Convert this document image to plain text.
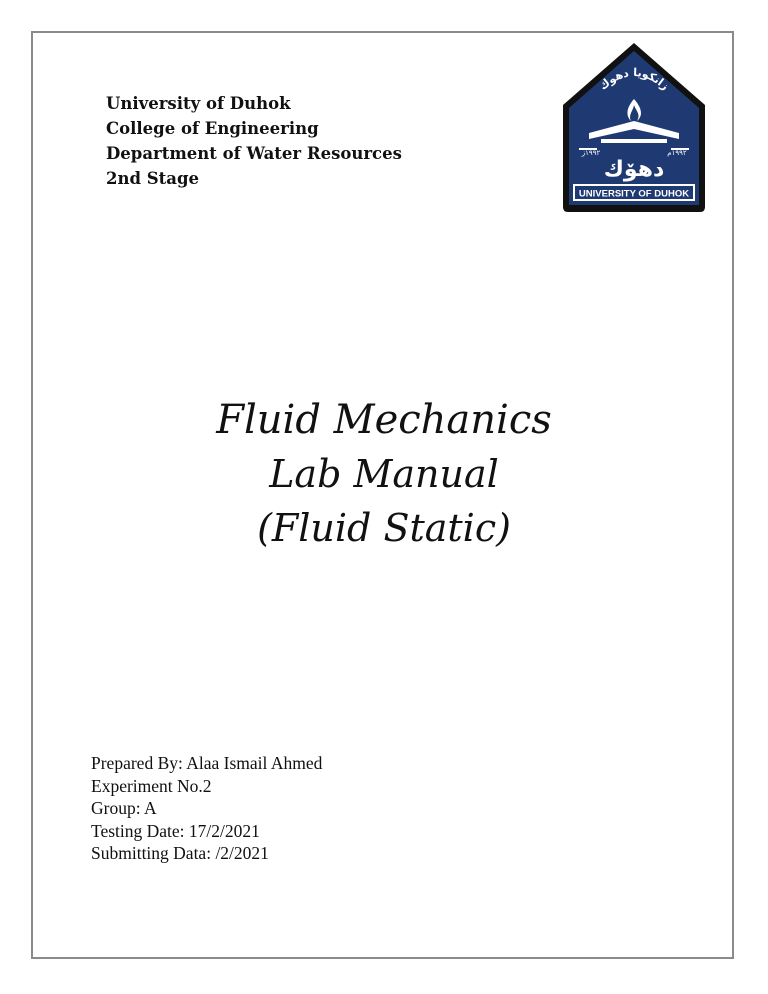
University of Duhok
College of Engineering
Department of Water Resources
2nd Stage
زانكويا دهوك
١٩٩٢ز	١٩٩٢م
دهۆك
UNIVERSITY OF DUHOK
Fluid Mechanics
Lab Manual
(Fluid Static)
Prepared By: Alaa Ismail Ahmed
Experiment No.2
Group: A
Testing Date: 17/2/2021
Submitting Data: /2/2021
